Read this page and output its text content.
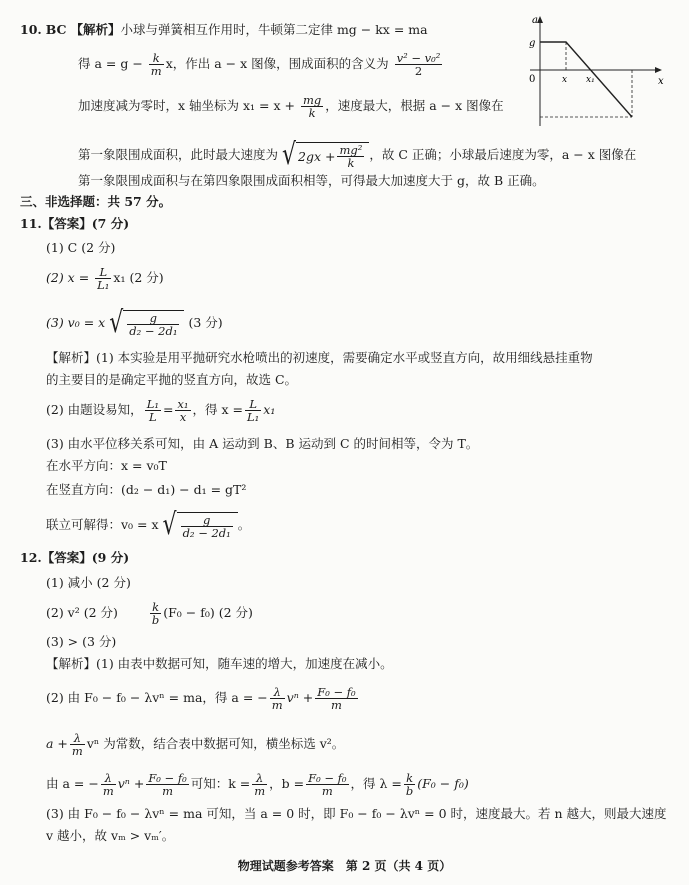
10. BC 【解析】小球与弹簧相互作用时，牛顿第二定律 mg − kx = ma
得 $a = g - \frac{k}{m}$ x，作出 a − x 图像，围成面积的含义为 $\frac{\text{v² − v₀²}}{2}$
加速度减为零时，x 轴坐标为 $x_1 = x + \frac{mg}{k}$ ，速度最大，根据 a − x 图像在
第一象限围成面积，此时最大速度为 √ $2gx + \frac{\text{mg²}}{k}$ ，故 C 正确；小球最后速度为零，a − x 图像在
第一象限围成面积与在第四象限围成面积相等，可得最大加速度大于 g，故 B 正确。
a
x
g
0	x x₁
三、非选择题：共 57 分。
11.【答案】(7 分)
(1) C (2 分)
(2) $x = \frac{L}{\text{L₁}} x_1$ (2 分)
(3) v₀ = x √ $\frac{g}{\text{d₂ − 2d₁}} (3$ 分)
【解析】(1) 本实验是用平抛研究水枪喷出的初速度，需要确定水平或竖直方向，故用细线悬挂重物
的主要目的是确定平抛的竖直方向，故选 C。
(2) 由题设易知， $\frac{\text{L₁}}{L} = \frac{\text{x₁}}{x}$ ，得 $x = \frac{L}{\text{L₁}} x_1$
(3) 由水平位移关系可知，由 A 运动到 B、B 运动到 C 的时间相等，令为 T。
在水平方向：x = v₀T
在竖直方向：(d₂ − d₁) − d₁ = gT²
联立可解得：v₀ = x √ $\frac{g}{\text{d₂ − 2d₁}}$ 。
12.【答案】(9 分)
(1) 减小 (2 分)
(2) v² (2 分)	$\frac{k}{b} (F_0 - f_0)$ (2 分)
(3) > (3 分)
【解析】(1) 由表中数据可知，随车速的增大，加速度在减小。
(2) 由 F₀ − f₀ − λvⁿ = ma，得 a = − $\frac{\lambda}{m}$ $v^n + \frac{\text{F₀ − f₀}}{m}$
$a + \frac{\lambda}{m}$ vⁿ 为常数，结合表中数据可知，横坐标选 v²。
由 a = − $\frac{\lambda}{m}$ $v^n + \frac{\text{F₀ − f₀}}{m}$ 可知：$k = \frac{\lambda}{m}$ ，$b = \frac{\text{F₀ − f₀}}{m}$ ，得 $\lambda = \frac{k}{b} (F_0 - f_0)$
(3) 由 F₀ − f₀ − λvⁿ = ma 可知，当 a = 0 时，即 F₀ − f₀ − λvⁿ = 0 时，速度最大。若 n 越大，则最大速度
v 越小，故 vₘ > vₘ′。
物理试题参考答案　第 2 页（共 4 页）
